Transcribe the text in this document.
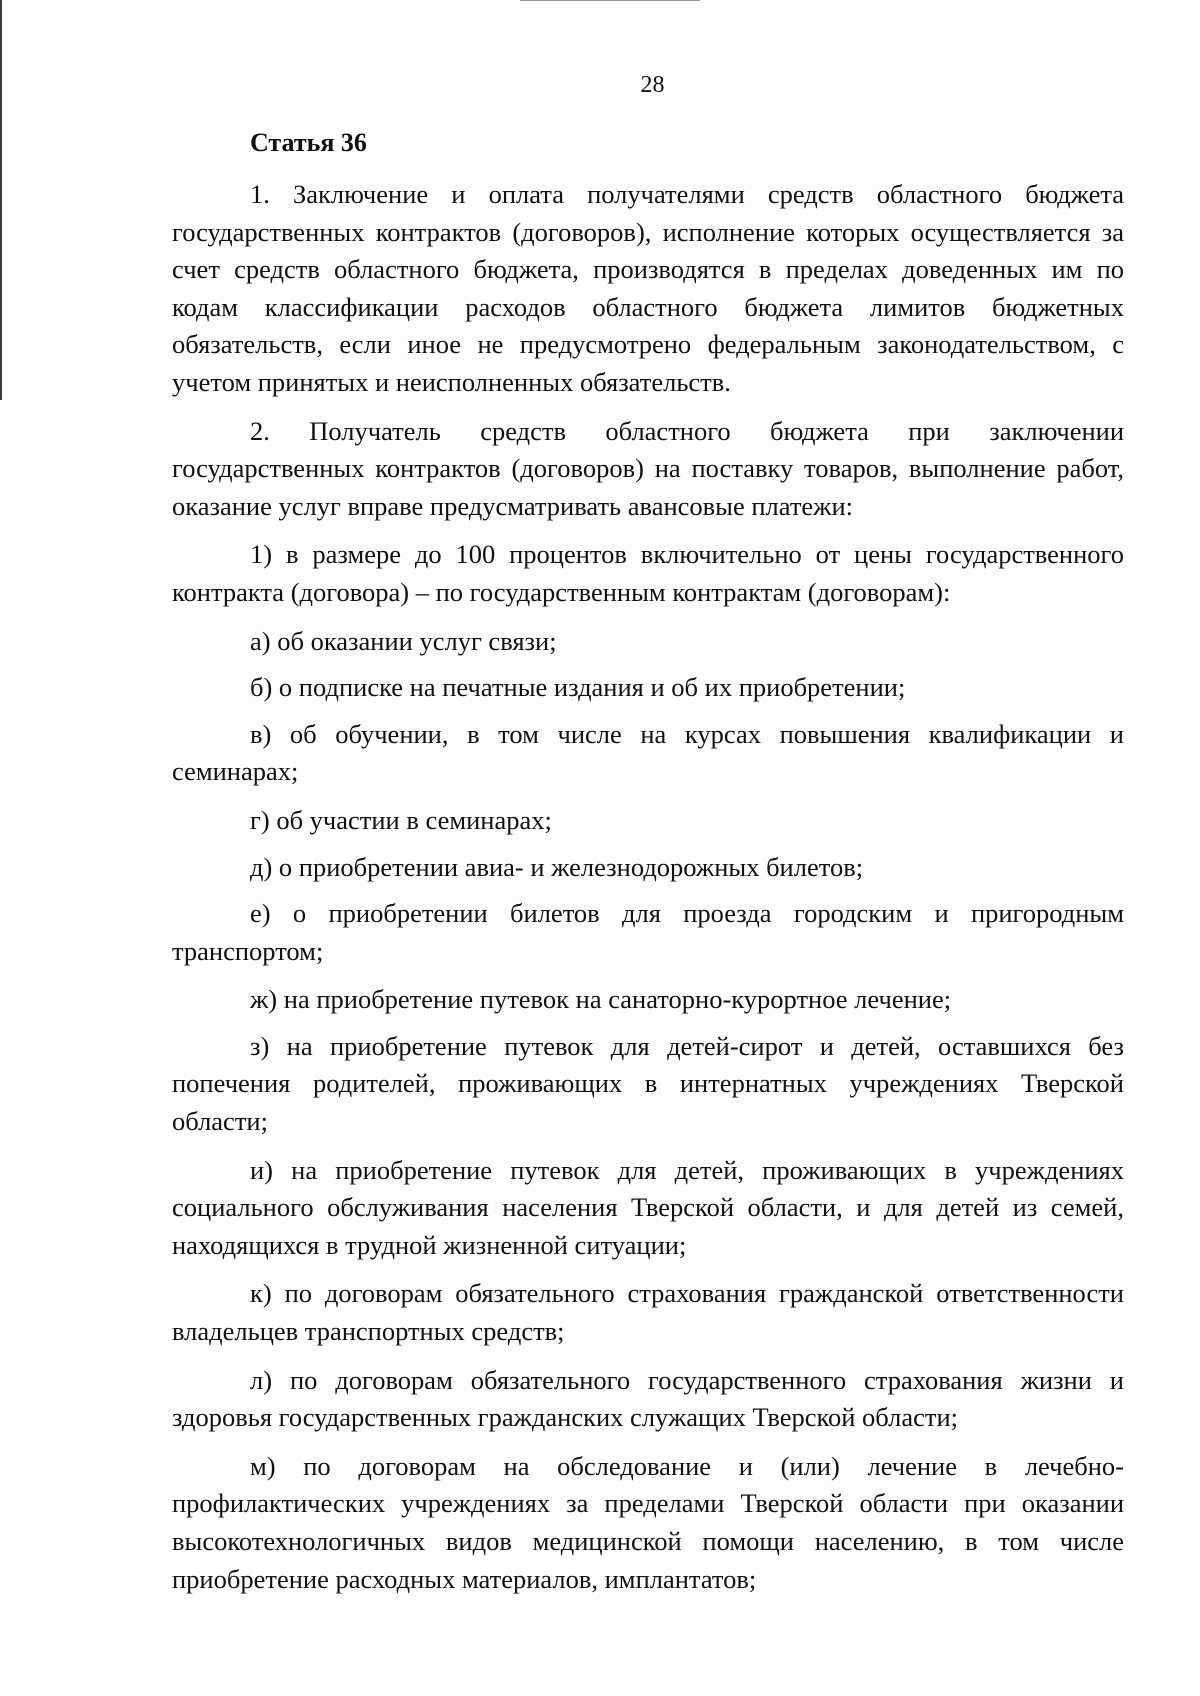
28
Статья 36

1. Заключение и оплата получателями средств областного бюджета государственных контрактов (договоров), исполнение которых осуществляется за счет средств областного бюджета, производятся в пределах доведенных им по кодам классификации расходов областного бюджета лимитов бюджетных обязательств, если иное не предусмотрено федеральным законодательством, с учетом принятых и неисполненных обязательств.

2. Получатель средств областного бюджета при заключении государственных контрактов (договоров) на поставку товаров, выполнение работ, оказание услуг вправе предусматривать авансовые платежи:

1) в размере до 100 процентов включительно от цены государственного контракта (договора) – по государственным контрактам (договорам):

а) об оказании услуг связи;

б) о подписке на печатные издания и об их приобретении;

в) об обучении, в том числе на курсах повышения квалификации и семинарах;

г) об участии в семинарах;

д) о приобретении авиа- и железнодорожных билетов;

е) о приобретении билетов для проезда городским и пригородным транспортом;

ж) на приобретение путевок на санаторно-курортное лечение;

з) на приобретение путевок для детей-сирот и детей, оставшихся без попечения родителей, проживающих в интернатных учреждениях Тверской области;

и) на приобретение путевок для детей, проживающих в учреждениях социального обслуживания населения Тверской области, и для детей из семей, находящихся в трудной жизненной ситуации;

к) по договорам обязательного страхования гражданской ответственности владельцев транспортных средств;

л) по договорам обязательного государственного страхования жизни и здоровья государственных гражданских служащих Тверской области;

м) по договорам на обследование и (или) лечение в лечебно-профилактических учреждениях за пределами Тверской области при оказании высокотехнологичных видов медицинской помощи населению, в том числе приобретение расходных материалов, имплантатов;
